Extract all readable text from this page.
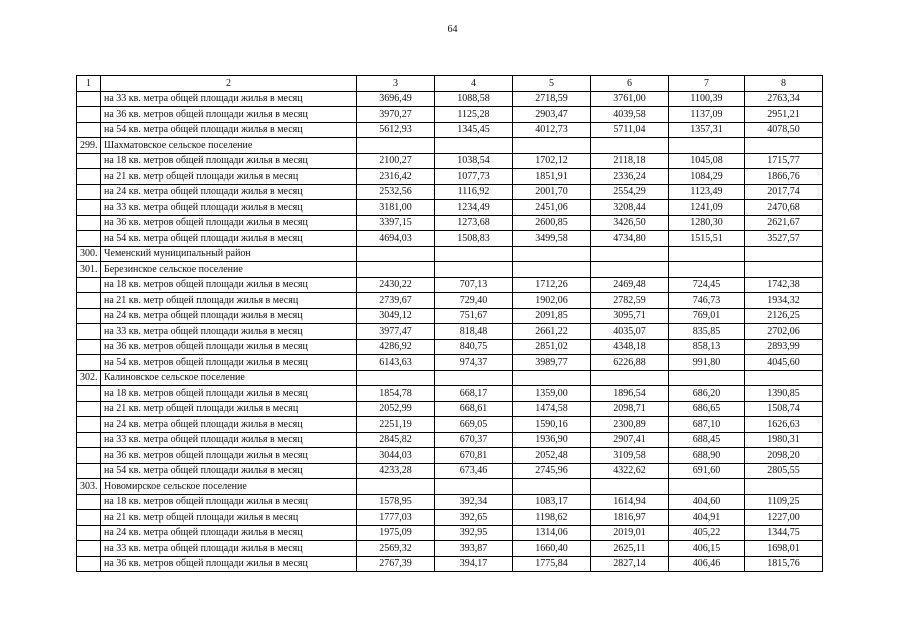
64
1	2	3	4	5	6	7	8
	на 33 кв. метра общей площади жилья в месяц	3696,49	1088,58	2718,59	3761,00	1100,39	2763,34
	на 36 кв. метров общей площади жилья в месяц	3970,27	1125,28	2903,47	4039,58	1137,09	2951,21
	на 54 кв. метра общей площади жилья в месяц	5612,93	1345,45	4012,73	5711,04	1357,31	4078,50
299.	Шахматовское сельское поселение						
	на 18 кв. метров общей площади жилья в месяц	2100,27	1038,54	1702,12	2118,18	1045,08	1715,77
	на 21 кв. метр общей площади жилья в месяц	2316,42	1077,73	1851,91	2336,24	1084,29	1866,76
	на 24 кв. метра общей площади жилья в месяц	2532,56	1116,92	2001,70	2554,29	1123,49	2017,74
	на 33 кв. метра общей площади жилья в месяц	3181,00	1234,49	2451,06	3208,44	1241,09	2470,68
	на 36 кв. метров общей площади жилья в месяц	3397,15	1273,68	2600,85	3426,50	1280,30	2621,67
	на 54 кв. метра общей площади жилья в месяц	4694,03	1508,83	3499,58	4734,80	1515,51	3527,57
300.	Чеменский муниципальный район						
301.	Березинское сельское поселение						
	на 18 кв. метров общей площади жилья в месяц	2430,22	707,13	1712,26	2469,48	724,45	1742,38
	на 21 кв. метр общей площади жилья в месяц	2739,67	729,40	1902,06	2782,59	746,73	1934,32
	на 24 кв. метра общей площади жилья в месяц	3049,12	751,67	2091,85	3095,71	769,01	2126,25
	на 33 кв. метра общей площади жилья в месяц	3977,47	818,48	2661,22	4035,07	835,85	2702,06
	на 36 кв. метров общей площади жилья в месяц	4286,92	840,75	2851,02	4348,18	858,13	2893,99
	на 54 кв. метров общей площади жилья в месяц	6143,63	974,37	3989,77	6226,88	991,80	4045,60
302.	Калиновское сельское поселение						
	на 18 кв. метров общей площади жилья в месяц	1854,78	668,17	1359,00	1896,54	686,20	1390,85
	на 21 кв. метр общей площади жилья в месяц	2052,99	668,61	1474,58	2098,71	686,65	1508,74
	на 24 кв. метра общей площади жилья в месяц	2251,19	669,05	1590,16	2300,89	687,10	1626,63
	на 33 кв. метра общей площади жилья в месяц	2845,82	670,37	1936,90	2907,41	688,45	1980,31
	на 36 кв. метров общей площади жилья в месяц	3044,03	670,81	2052,48	3109,58	688,90	2098,20
	на 54 кв. метра общей площади жилья в месяц	4233,28	673,46	2745,96	4322,62	691,60	2805,55
303.	Новомирское сельское поселение						
	на 18 кв. метров общей площади жилья в месяц	1578,95	392,34	1083,17	1614,94	404,60	1109,25
	на 21 кв. метр общей площади жилья в месяц	1777,03	392,65	1198,62	1816,97	404,91	1227,00
	на 24 кв. метра общей площади жилья в месяц	1975,09	392,95	1314,06	2019,01	405,22	1344,75
	на 33 кв. метра общей площади жилья в месяц	2569,32	393,87	1660,40	2625,11	406,15	1698,01
	на 36 кв. метров общей площади жилья в месяц	2767,39	394,17	1775,84	2827,14	406,46	1815,76
